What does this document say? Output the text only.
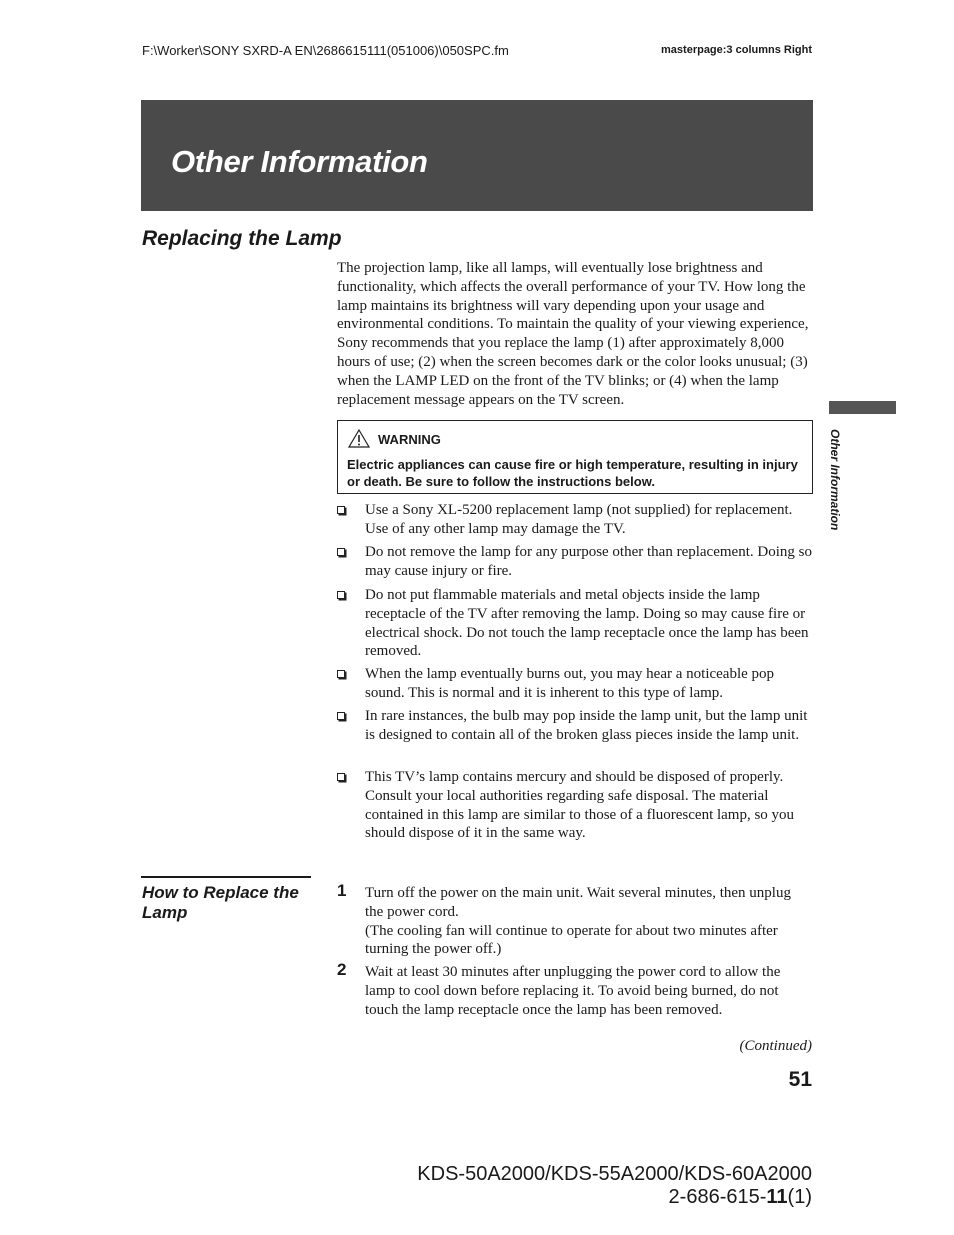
F:\Worker\SONY SXRD-A EN\2686615111(051006)\050SPC.fm	masterpage:3 columns Right
Other Information
Replacing the Lamp

The projection lamp, like all lamps, will eventually lose brightness and functionality, which affects the overall performance of your TV. How long the lamp maintains its brightness will vary depending upon your usage and environmental conditions. To maintain the quality of your viewing experience, Sony recommends that you replace the lamp (1) after approximately 8,000 hours of use; (2) when the screen becomes dark or the color looks unusual; (3) when the LAMP LED on the front of the TV blinks; or (4) when the lamp replacement message appears on the TV screen.

WARNING

Electric appliances can cause fire or high temperature, resulting in injury or death. Be sure to follow the instructions below.

Use a Sony XL-5200 replacement lamp (not supplied) for replacement. Use of any other lamp may damage the TV.

Do not remove the lamp for any purpose other than replacement. Doing so may cause injury or fire.

Do not put flammable materials and metal objects inside the lamp receptacle of the TV after removing the lamp. Doing so may cause fire or electrical shock. Do not touch the lamp receptacle once the lamp has been removed.

When the lamp eventually burns out, you may hear a noticeable pop sound. This is normal and it is inherent to this type of lamp.

In rare instances, the bulb may pop inside the lamp unit, but the lamp unit is designed to contain all of the broken glass pieces inside the lamp unit.

This TV’s lamp contains mercury and should be disposed of properly. Consult your local authorities regarding safe disposal. The material contained in this lamp are similar to those of a fluorescent lamp, so you should dispose of it in the same way.

How to Replace the Lamp
1 Turn off the power on the main unit. Wait several minutes, then unplug the power cord.
(The cooling fan will continue to operate for about two minutes after turning the power off.)
2 Wait at least 30 minutes after unplugging the power cord to allow the lamp to cool down before replacing it. To avoid being burned, do not touch the lamp receptacle once the lamp has been removed.
(Continued)
51
Other Information
KDS-50A2000/KDS-55A2000/KDS-60A2000
2-686-615-11(1)
